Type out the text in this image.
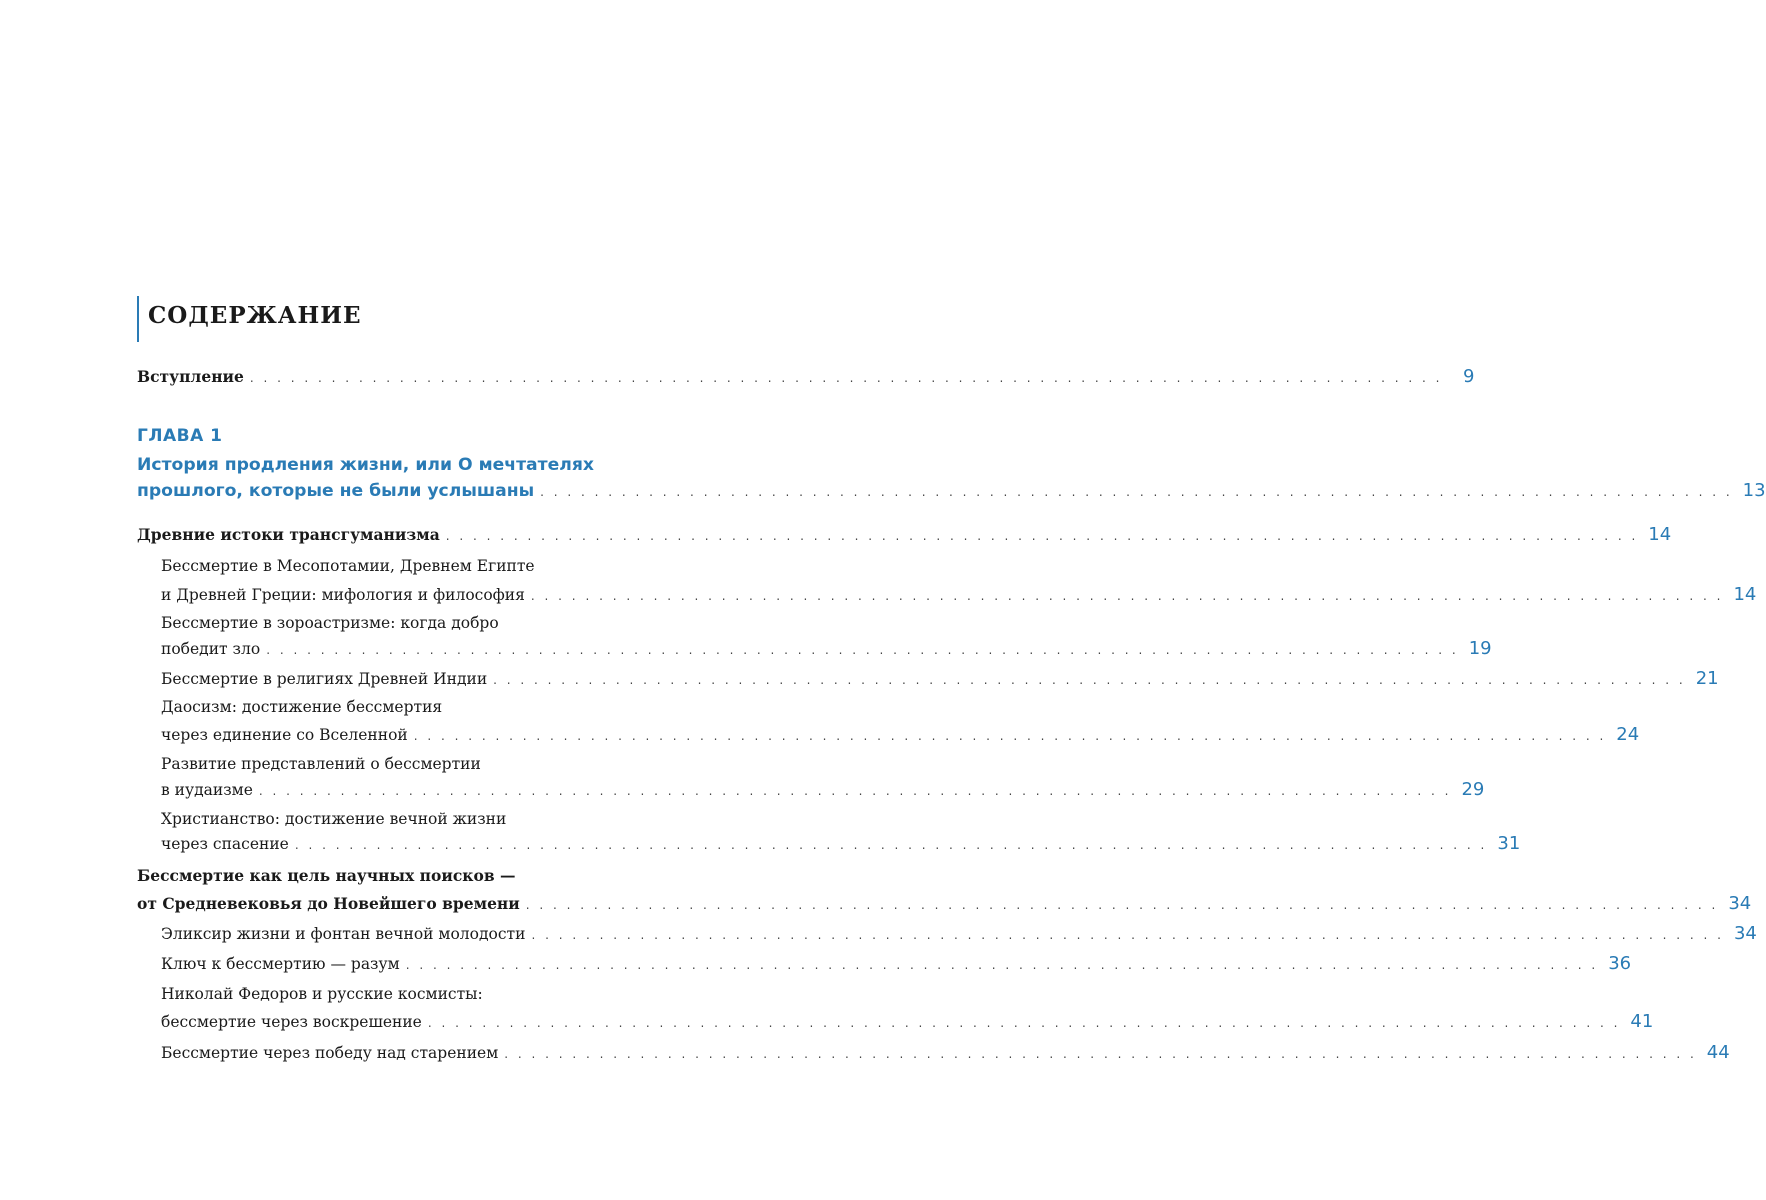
СОДЕРЖАНИЕ
Вступление . . . . . . . . . . . . . . . . . . . . . . . . . . . . . . . . . . . . . . . . . . . . . . . . . . . . . . . . . . . . . . . . . . . . . . . . . . . . . . . . . . . . . . . .	9
ГЛАВА 1
История продления жизни, или О мечтателях
прошлого, которые не были услышаны . . . . . . . . . . . . . . . . . . . . . . . . . . . . . . . . . . . . . . . . . . . . . . . . . . . . . . . . . . . . . . . . . . . . . . . . . . . . . . . . . . . . . . . . 13
Древние истоки трансгуманизма . . . . . . . . . . . . . . . . . . . . . . . . . . . . . . . . . . . . . . . . . . . . . . . . . . . . . . . . . . . . . . . . . . . . . . . . . . . . . . . . . . . . . . . . 14
Бессмертие в Месопотамии, Древнем Египте
и Древней Греции: мифология и философия . . . . . . . . . . . . . . . . . . . . . . . . . . . . . . . . . . . . . . . . . . . . . . . . . . . . . . . . . . . . . . . . . . . . . . . . . . . . . . . . . . . . . . . . 14
Бессмертие в зороастризме: когда добро
победит зло . . . . . . . . . . . . . . . . . . . . . . . . . . . . . . . . . . . . . . . . . . . . . . . . . . . . . . . . . . . . . . . . . . . . . . . . . . . . . . . . . . . . . . . . 19
Бессмертие в религиях Древней Индии . . . . . . . . . . . . . . . . . . . . . . . . . . . . . . . . . . . . . . . . . . . . . . . . . . . . . . . . . . . . . . . . . . . . . . . . . . . . . . . . . . . . . . . . 21
Даосизм: достижение бессмертия
через единение со Вселенной . . . . . . . . . . . . . . . . . . . . . . . . . . . . . . . . . . . . . . . . . . . . . . . . . . . . . . . . . . . . . . . . . . . . . . . . . . . . . . . . . . . . . . . . 24
Развитие представлений о бессмертии
в иудаизме . . . . . . . . . . . . . . . . . . . . . . . . . . . . . . . . . . . . . . . . . . . . . . . . . . . . . . . . . . . . . . . . . . . . . . . . . . . . . . . . . . . . . . . . 29
Христианство: достижение вечной жизни
через спасение . . . . . . . . . . . . . . . . . . . . . . . . . . . . . . . . . . . . . . . . . . . . . . . . . . . . . . . . . . . . . . . . . . . . . . . . . . . . . . . . . . . . . . . . 31
Бессмертие как цель научных поисков —
от Средневековья до Новейшего времени . . . . . . . . . . . . . . . . . . . . . . . . . . . . . . . . . . . . . . . . . . . . . . . . . . . . . . . . . . . . . . . . . . . . . . . . . . . . . . . . . . . . . . . . 34
Эликсир жизни и фонтан вечной молодости . . . . . . . . . . . . . . . . . . . . . . . . . . . . . . . . . . . . . . . . . . . . . . . . . . . . . . . . . . . . . . . . . . . . . . . . . . . . . . . . . . . . . . . . 34
Ключ к бессмертию — разум . . . . . . . . . . . . . . . . . . . . . . . . . . . . . . . . . . . . . . . . . . . . . . . . . . . . . . . . . . . . . . . . . . . . . . . . . . . . . . . . . . . . . . . . 36
Николай Федоров и русские космисты:
бессмертие через воскрешение . . . . . . . . . . . . . . . . . . . . . . . . . . . . . . . . . . . . . . . . . . . . . . . . . . . . . . . . . . . . . . . . . . . . . . . . . . . . . . . . . . . . . . . . 41
Бессмертие через победу над старением . . . . . . . . . . . . . . . . . . . . . . . . . . . . . . . . . . . . . . . . . . . . . . . . . . . . . . . . . . . . . . . . . . . . . . . . . . . . . . . . . . . . . . . . 44
